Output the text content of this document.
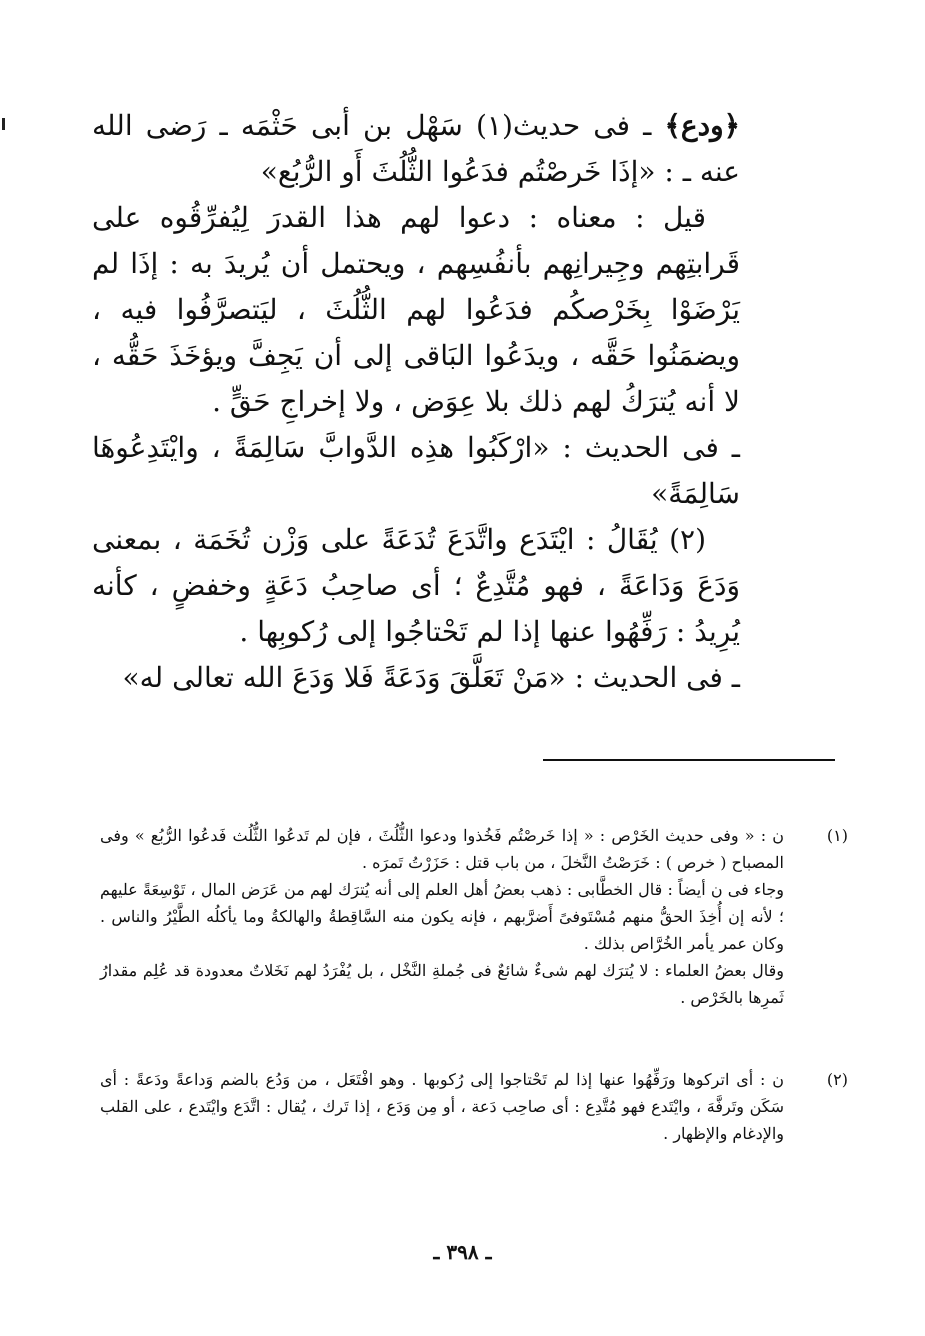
﴿ودع﴾ ـ فى حديث(١) سَهْل بن أبى حَثْمَه ـ رَضى الله عنه ـ : «إذَا خَرصْتُم فدَعُوا الثُّلُثَ أَو الرُّبُع»

قيل : معناه : دعوا لهم هذا القدرَ لِيُفرِّقُوه على قَرابتِهم وجِيرانِهم بأنفُسِهم ، ويحتمل أن يُريدَ به : إذَا لم يَرْضَوْا بِخَرْصكُم فدَعُوا لهم الثُّلُثَ ، ليَتصرَّفُوا فيه ، ويضمَنُوا حَقَّه ، ويدَعُوا البَاقى إلى أن يَجِفَّ ويؤخَذَ حَقُّه ، لا أنه يُترَكُ لهم ذلك بلا عِوَض ، ولا إخراجِ حَقٍّ .

ـ فى الحديث : «ارْكَبُوا هذِه الدَّوابَّ سَالِمَةً ، وايْتَدِعُوهَا سَالِمَةً»

(٢) يُقَالُ : ايْتَدَع واتَّدَعَ تُدَعَةً على وَزْن تُخَمَة ، بمعنى وَدَعَ وَدَاعَةً ، فهو مُتَّدِعٌ ؛ أى صاحِبُ دَعَةٍ وخفضٍ ، كأنه يُرِيدُ : رَفِّهُوا عنها إذا لم تَحْتاجُوا إلى رُكوبِها .

ـ فى الحديث : «مَنْ تَعَلَّقَ وَدَعَةً فَلا وَدَعَ الله تعالى له»

(١)

ن : « وفى حديث الخَرْص : « إذا خَرصْتُم فَخُذوا ودعوا الثُّلُثَ ، فإن لم تَدعُوا الثُّلُث فَدعُوا الرُّبُع » وفى المصباح ( خرص ) : خَرَصْتُ النَّخلَ ، من باب قتل : حَزَرْتُ تَمرَه .

وجاء فى ن أيضاً : قال الخطَّابى : ذهب بعضُ أهل العلم إلى أنه يُترَك لهم من عَرَض المال ، تَوْسِعَةً عليهم ؛ لأنه إن أُخِذَ الحقُّ منهم مُسْتَوفىً أَضرَّبهم ، فإنه يكون منه السَّاقِطةُ والهالكةُ وما يأكلُه الطَّيْرُ والناس . وكان عمر يأمر الخُرَّاص بذلك .

وقال بعضُ العلماء : لا يُترَك لهم شىءٌ شائعٌ فى جُملةِ النَّخْل ، بل يُفْرَدُ لهم نَخَلاتٌ معدودة قد عُلِم مقدارُ ثَمرِها بالخَرْص .

(٢)

ن : أى اتركوها ورَفِّهُوا عنها إذا لم تَحْتاجوا إلى رُكوبها . وهو افْتَعَل ، من وَدُع بالضم وَداعةً ودَعةً : أى سَكَن وتَرفَّهَ ، وايْتَدع فهو مُتَّدِع : أى صاحِب دَعة ، أو مِن وَدَع ، إذا تَرك ، يُقال : اتَّدَع وايْتَدع ، على القلب والإدغام والإظهار .

ـ ٣٩٨ ـ
